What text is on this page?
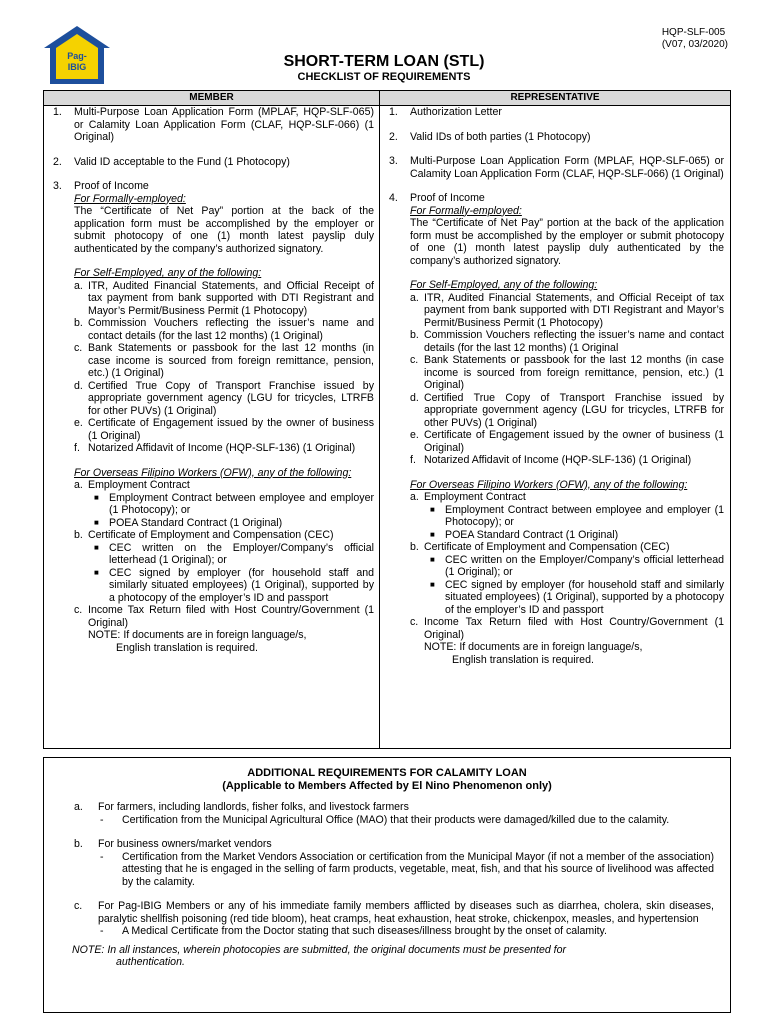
Pag-
IBIG
HQP-SLF-005
(V07, 03/2020)
SHORT-TERM LOAN (STL)
CHECKLIST OF REQUIREMENTS
MEMBER	REPRESENTATIVE
1. Multi-Purpose Loan Application Form (MPLAF, HQP-SLF-065) or Calamity Loan Application Form (CLAF, HQP-SLF-066) (1 Original)
2. Valid ID acceptable to the Fund (1 Photocopy)
3. Proof of Income
For Formally-employed:
The “Certificate of Net Pay” portion at the back of the application form must be accomplished by the employer or submit photocopy of one (1) month latest payslip duly authenticated by the company’s authorized signatory.
For Self-Employed, any of the following:
a. ITR, Audited Financial Statements, and Official Receipt of tax payment from bank supported with DTI Registrant and Mayor’s Permit/Business Permit (1 Photocopy)
b. Commission Vouchers reflecting the issuer’s name and contact details (for the last 12 months) (1 Original)
c. Bank Statements or passbook for the last 12 months (in case income is sourced from foreign remittance, pension, etc.) (1 Original)
d. Certified True Copy of Transport Franchise issued by appropriate government agency (LGU for tricycles, LTRFB for other PUVs) (1 Original)
e. Certificate of Engagement issued by the owner of business (1 Original)
f. Notarized Affidavit of Income (HQP-SLF-136) (1 Original)
For Overseas Filipino Workers (OFW), any of the following:
a. Employment Contract
■ Employment Contract between employee and employer (1 Photocopy); or
■ POEA Standard Contract (1 Original)
b. Certificate of Employment and Compensation (CEC)
■ CEC written on the Employer/Company’s official letterhead (1 Original); or
■ CEC signed by employer (for household staff and similarly situated employees) (1 Original), supported by a photocopy of the employer’s ID and passport
c. Income Tax Return filed with Host Country/Government (1 Original)
NOTE: If documents are in foreign language/s,
English translation is required.
1. Authorization Letter
2. Valid IDs of both parties (1 Photocopy)
3. Multi-Purpose Loan Application Form (MPLAF, HQP-SLF-065) or Calamity Loan Application Form (CLAF, HQP-SLF-066) (1 Original)
4. Proof of Income
For Formally-employed:
The “Certificate of Net Pay” portion at the back of the application form must be accomplished by the employer or submit photocopy of one (1) month latest payslip duly authenticated by the company’s authorized signatory.
For Self-Employed, any of the following:
a. ITR, Audited Financial Statements, and Official Receipt of tax payment from bank supported with DTI Registrant and Mayor’s Permit/Business Permit (1 Photocopy)
b. Commission Vouchers reflecting the issuer’s name and contact details (for the last 12 months) (1 Original
c. Bank Statements or passbook for the last 12 months (in case income is sourced from foreign remittance, pension, etc.) (1 Original)
d. Certified True Copy of Transport Franchise issued by appropriate government agency (LGU for tricycles, LTRFB for other PUVs) (1 Original)
e. Certificate of Engagement issued by the owner of business (1 Original)
f. Notarized Affidavit of Income (HQP-SLF-136) (1 Original)
For Overseas Filipino Workers (OFW), any of the following:
a. Employment Contract
■ Employment Contract between employee and employer (1 Photocopy); or
■ POEA Standard Contract (1 Original)
b. Certificate of Employment and Compensation (CEC)
■ CEC written on the Employer/Company’s official letterhead (1 Original); or
■ CEC signed by employer (for household staff and similarly situated employees) (1 Original), supported by a photocopy of the employer’s ID and passport
c. Income Tax Return filed with Host Country/Government (1 Original)
NOTE: If documents are in foreign language/s,
English translation is required.
ADDITIONAL REQUIREMENTS FOR CALAMITY LOAN
(Applicable to Members Affected by El Nino Phenomenon only)
a. For farmers, including landlords, fisher folks, and livestock farmers
- Certification from the Municipal Agricultural Office (MAO) that their products were damaged/killed due to the calamity.
b. For business owners/market vendors
- Certification from the Market Vendors Association or certification from the Municipal Mayor (if not a member of the association) attesting that he is engaged in the selling of farm products, vegetable, meat, fish, and that his source of livelihood was affected by the calamity.
c. For Pag-IBIG Members or any of his immediate family members afflicted by diseases such as diarrhea, cholera, skin diseases, paralytic shellfish poisoning (red tide bloom), heat cramps, heat exhaustion, heat stroke, chickenpox, measles, and hypertension
- A Medical Certificate from the Doctor stating that such diseases/illness brought by the onset of calamity.
NOTE: In all instances, wherein photocopies are submitted, the original documents must be presented for
authentication.
